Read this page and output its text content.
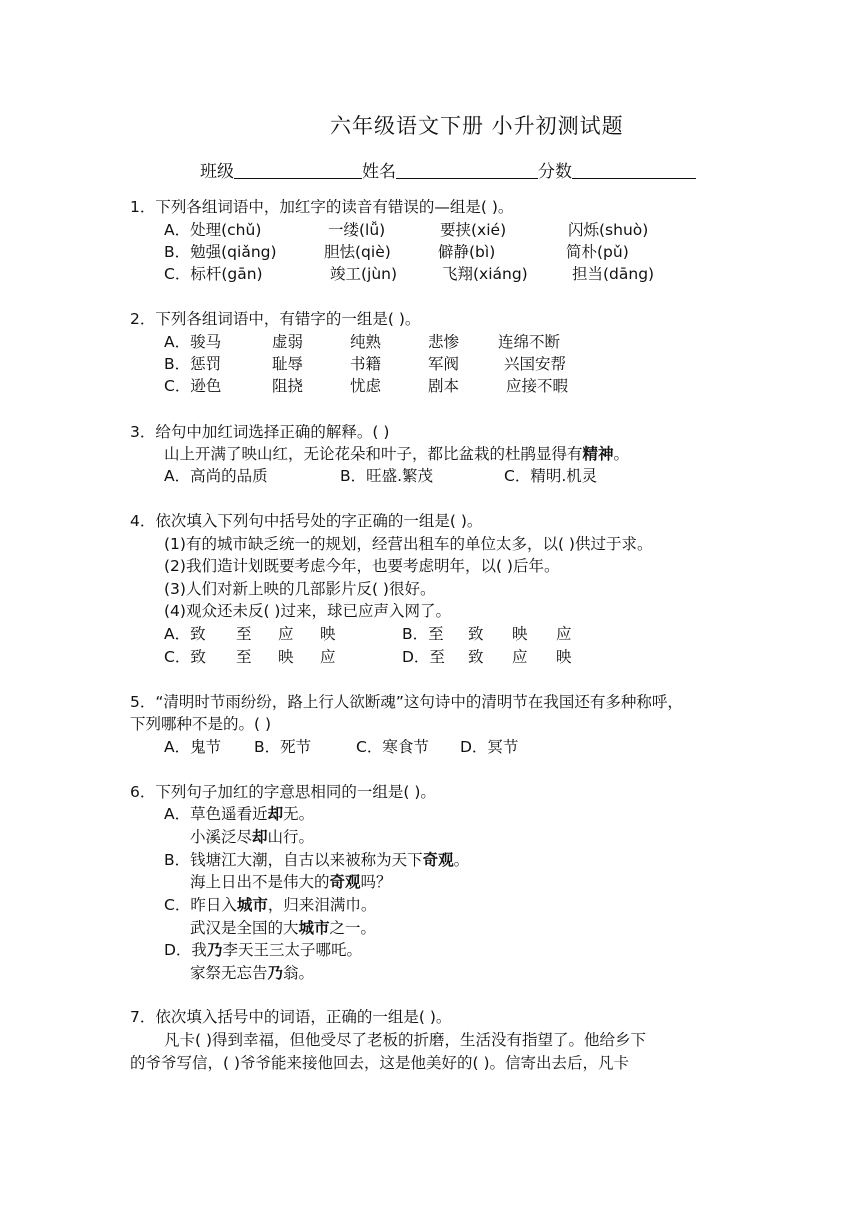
六年级语文下册 小升初测试题
班级	姓名	分数
1．下列各组词语中，加红字的读音有错误的—组是( )。
A．处理(chǔ)	一缕(lǚ)	要挟(xié)	闪烁(shuò)
B．勉强(qiǎng)	胆怯(qiè)	僻静(bì)	简朴(pǔ)
C．标杆(gān)	竣工(jùn)	飞翔(xiáng)	担当(dāng)
2．下列各组词语中，有错字的一组是( )。
A．骏马	虚弱	纯熟	悲惨	连绵不断
B．惩罚	耻辱	书籍	军阀	兴国安帮
C．逊色	阻挠	忧虑	剧本	应接不暇
3．给句中加红词选择正确的解释。( )
山上开满了映山红，无论花朵和叶子，都比盆栽的杜鹃显得有精神。
A．高尚的品质	B．旺盛.繁茂	C．精明.机灵
4．依次填入下列句中括号处的字正确的一组是( )。
(1)有的城市缺乏统一的规划，经营出租车的单位太多，以( )供过于求。
(2)我们造计划既要考虑今年，也要考虑明年，以( )后年。
(3)人们对新上映的几部影片反( )很好。
(4)观众还未反( )过来，球已应声入网了。
A．致 至 应 映	B．至 致 映 应
C．致 至 映 应	D．至 致 应 映
5．“清明时节雨纷纷，路上行人欲断魂”这句诗中的清明节在我国还有多种称呼，
下列哪种不是的。( )
A．鬼节 B．死节	C．寒食节 D．冥节
6．下列句子加红的字意思相同的一组是( )。
A．草色遥看近却无。
小溪泛尽却山行。
B．钱塘江大潮，自古以来被称为天下奇观。
海上日出不是伟大的奇观吗？
C．昨日入城市，归来泪满巾。
武汉是全国的大城市之一。
D．我乃李天王三太子哪吒。
家祭无忘告乃翁。
7．依次填入括号中的词语，正确的一组是( )。
凡卡( )得到幸福，但他受尽了老板的折磨，生活没有指望了。他给乡下
的爷爷写信，( )爷爷能来接他回去，这是他美好的( )。信寄出去后，凡卡
